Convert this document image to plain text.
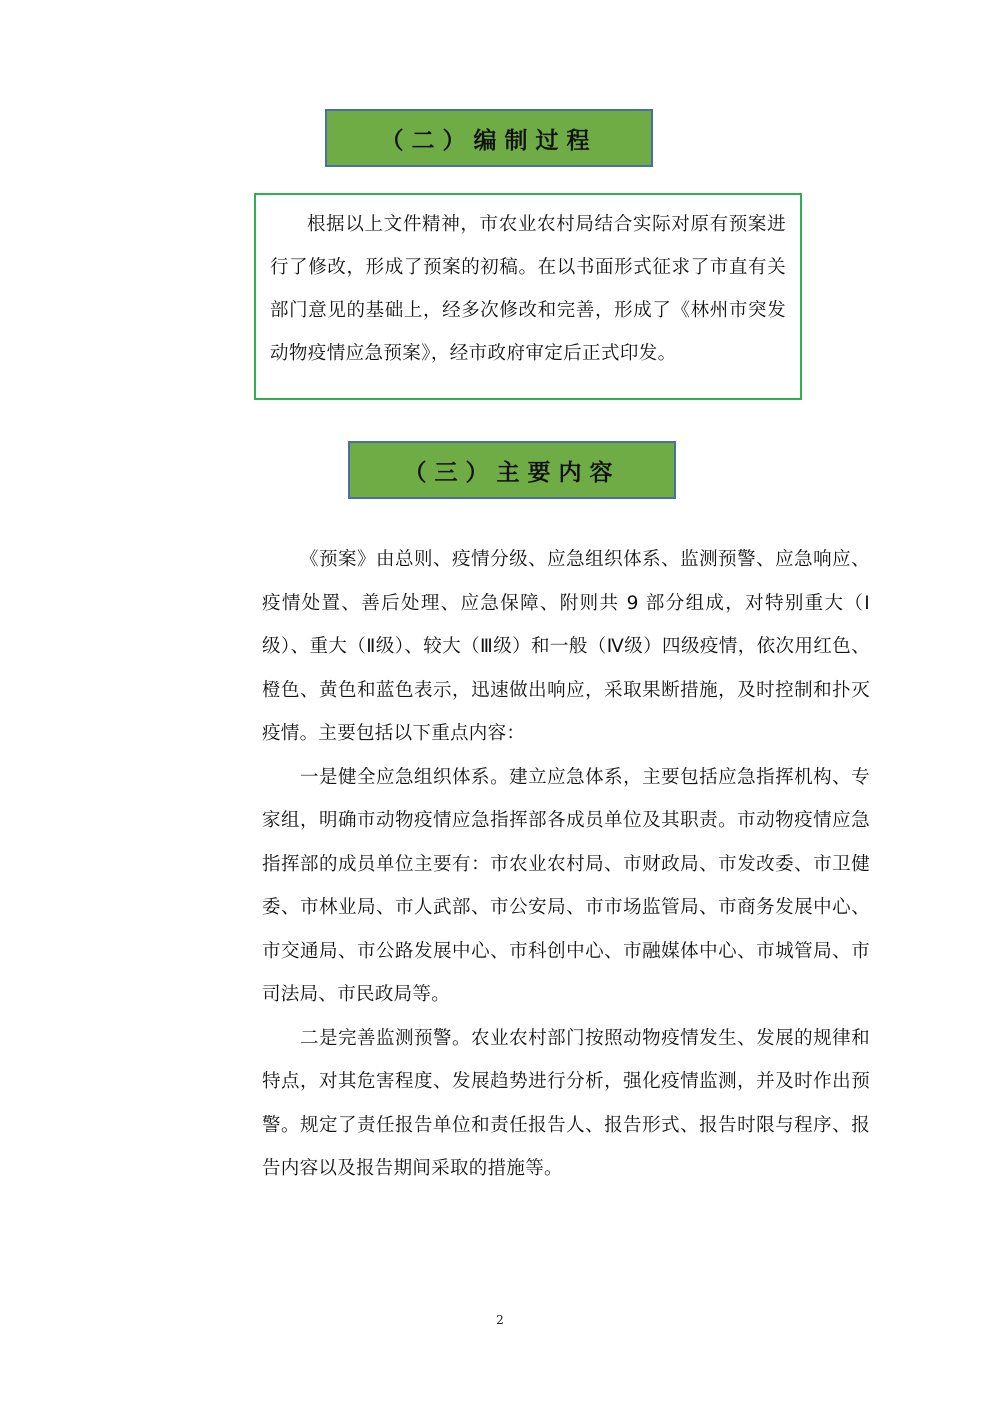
（二）编制过程

根据以上文件精神，市农业农村局结合实际对原有预案进行了修改，形成了预案的初稿。在以书面形式征求了市直有关部门意见的基础上，经多次修改和完善，形成了《林州市突发动物疫情应急预案》，经市政府审定后正式印发。

（三）主要内容

《预案》由总则、疫情分级、应急组织体系、监测预警、应急响应、疫情处置、善后处理、应急保障、附则共 9 部分组成，对特别重大（Ⅰ级）、重大（Ⅱ级）、较大（Ⅲ级）和一般（Ⅳ级）四级疫情，依次用红色、橙色、黄色和蓝色表示，迅速做出响应，采取果断措施，及时控制和扑灭疫情。主要包括以下重点内容：

一是健全应急组织体系。建立应急体系，主要包括应急指挥机构、专家组，明确市动物疫情应急指挥部各成员单位及其职责。市动物疫情应急指挥部的成员单位主要有：市农业农村局、市财政局、市发改委、市卫健委、市林业局、市人武部、市公安局、市市场监管局、市商务发展中心、市交通局、市公路发展中心、市科创中心、市融媒体中心、市城管局、市司法局、市民政局等。

二是完善监测预警。农业农村部门按照动物疫情发生、发展的规律和特点，对其危害程度、发展趋势进行分析，强化疫情监测，并及时作出预警。规定了责任报告单位和责任报告人、报告形式、报告时限与程序、报告内容以及报告期间采取的措施等。

2
